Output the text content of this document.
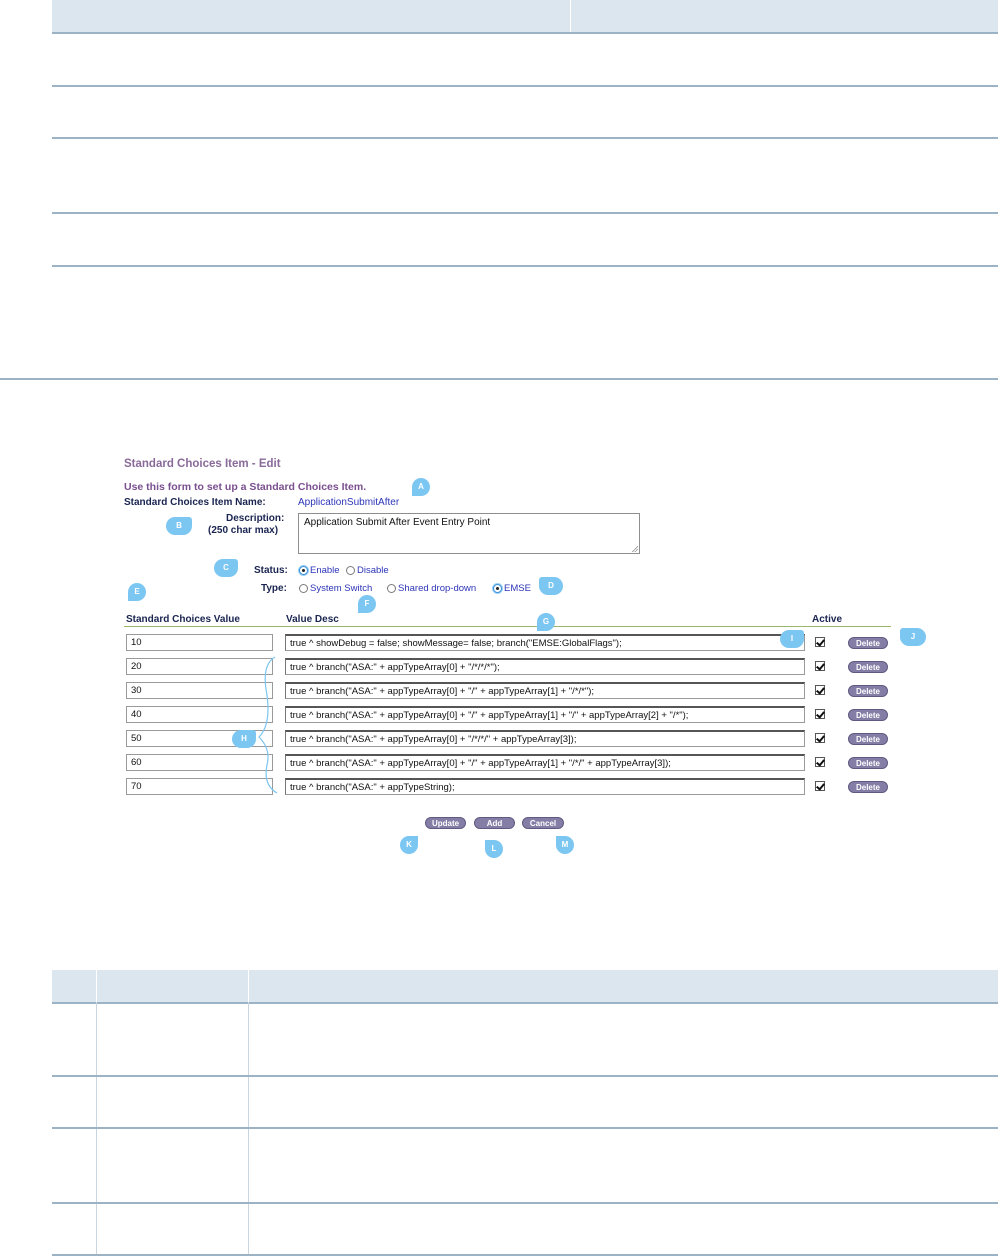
Standard Choices Item - Edit
Use this form to set up a Standard Choices Item.
Standard Choices Item Name:	ApplicationSubmitAfter
Description:
(250 char max)
Application Submit After Event Entry Point
Status: Enable Disable
Type: System Switch	Shared drop-down	EMSE
Standard Choices Value	Value Desc	Active
10	true ^ showDebug = false; showMessage= false; branch("EMSE:GlobalFlags");	Delete
20	true ^ branch("ASA:" + appTypeArray[0] + "/*/*/*");	Delete
30	true ^ branch("ASA:" + appTypeArray[0] + "/" + appTypeArray[1] + "/*/*");	Delete
40	true ^ branch("ASA:" + appTypeArray[0] + "/" + appTypeArray[1] + "/" + appTypeArray[2] + "/*");	Delete
50	true ^ branch("ASA:" + appTypeArray[0] + "/*/*/" + appTypeArray[3]);	Delete
60	true ^ branch("ASA:" + appTypeArray[0] + "/" + appTypeArray[1] + "/*/" + appTypeArray[3]);	Delete
70	true ^ branch("ASA:" + appTypeString);	Delete
Update	Add	Cancel
A
B
C
D
E
F
G
H
I	J
K	L	M
